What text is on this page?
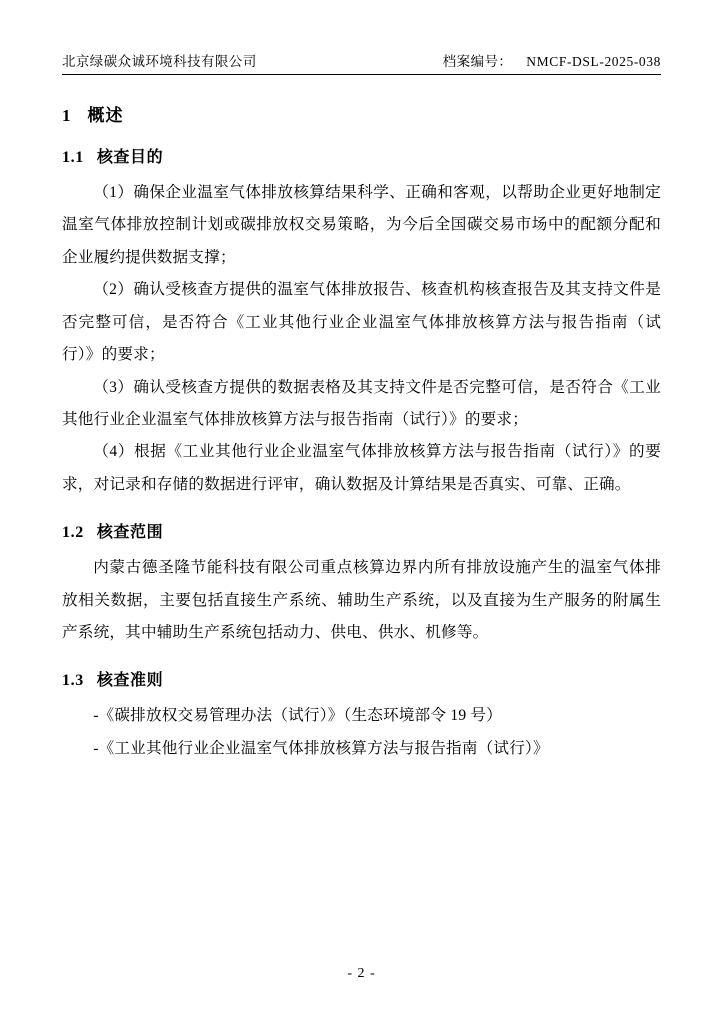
北京绿碳众诚环境科技有限公司	档案编号： NMCF-DSL-2025-038
1 概述
1.1 核查目的

（1）确保企业温室气体排放核算结果科学、正确和客观，以帮助企业更好地制定温室气体排放控制计划或碳排放权交易策略，为今后全国碳交易市场中的配额分配和企业履约提供数据支撑；

（2）确认受核查方提供的温室气体排放报告、核查机构核查报告及其支持文件是否完整可信，是否符合《工业其他行业企业温室气体排放核算方法与报告指南（试行）》的要求；

（3）确认受核查方提供的数据表格及其支持文件是否完整可信，是否符合《工业其他行业企业温室气体排放核算方法与报告指南（试行）》的要求；

（4）根据《工业其他行业企业温室气体排放核算方法与报告指南（试行）》的要求，对记录和存储的数据进行评审，确认数据及计算结果是否真实、可靠、正确。

1.2 核查范围

内蒙古德圣隆节能科技有限公司重点核算边界内所有排放设施产生的温室气体排放相关数据，主要包括直接生产系统、辅助生产系统，以及直接为生产服务的附属生产系统，其中辅助生产系统包括动力、供电、供水、机修等。

1.3 核查准则

-《碳排放权交易管理办法（试行）》（生态环境部令 19 号）

-《工业其他行业企业温室气体排放核算方法与报告指南（试行）》

- 2 -
